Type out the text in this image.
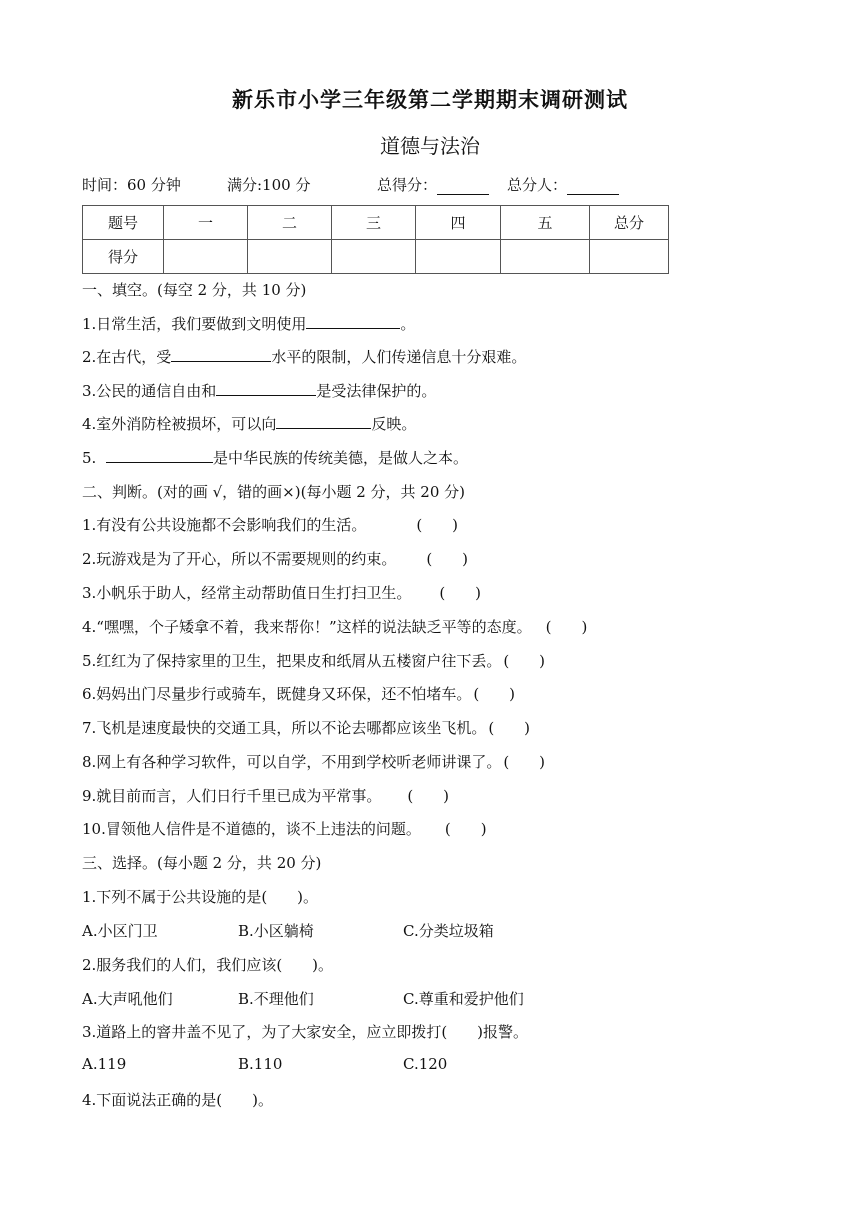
新乐市小学三年级第二学期期末调研测试
道德与法治
时间：60 分钟	满分:100 分	总得分：	总分人：
题号	一	二	三	四	五	总分
得分						
一、填空。(每空 2 分，共 10 分)
1.日常生活，我们要做到文明使用	。
2.在古代，受	水平的限制，人们传递信息十分艰难。
3.公民的通信自由和	是受法律保护的。
4.室外消防栓被损坏，可以向	反映。
5.	是中华民族的传统美德，是做人之本。
二、判断。(对的画 √，错的画×)(每小题 2 分，共 20 分)
1.有没有公共设施都不会影响我们的生活。	(　　)
2.玩游戏是为了开心，所以不需要规则的约束。 (　　)
3.小帆乐于助人，经常主动帮助值日生打扫卫生。 (　　)
4.“嘿嘿，个子矮拿不着，我来帮你！”这样的说法缺乏平等的态度。 (　　)
5.红红为了保持家里的卫生，把果皮和纸屑从五楼窗户往下丢。 (　　)
6.妈妈出门尽量步行或骑车，既健身又环保，还不怕堵车。 (　　)
7.飞机是速度最快的交通工具，所以不论去哪都应该坐飞机。 (　　)
8.网上有各种学习软件，可以自学，不用到学校听老师讲课了。 (　　)
9.就目前而言，人们日行千里已成为平常事。 (　　)
10.冒领他人信件是不道德的，谈不上违法的问题。 (　　)
三、选择。(每小题 2 分，共 20 分)
1.下列不属于公共设施的是(　　)。
A.小区门卫	B.小区躺椅	C.分类垃圾箱
2.服务我们的人们，我们应该(　　)。
A.大声吼他们	B.不理他们	C.尊重和爱护他们
3.道路上的窨井盖不见了，为了大家安全，应立即拨打(　　)报警。
A.119	B.110	C.120
4.下面说法正确的是(　　)。
